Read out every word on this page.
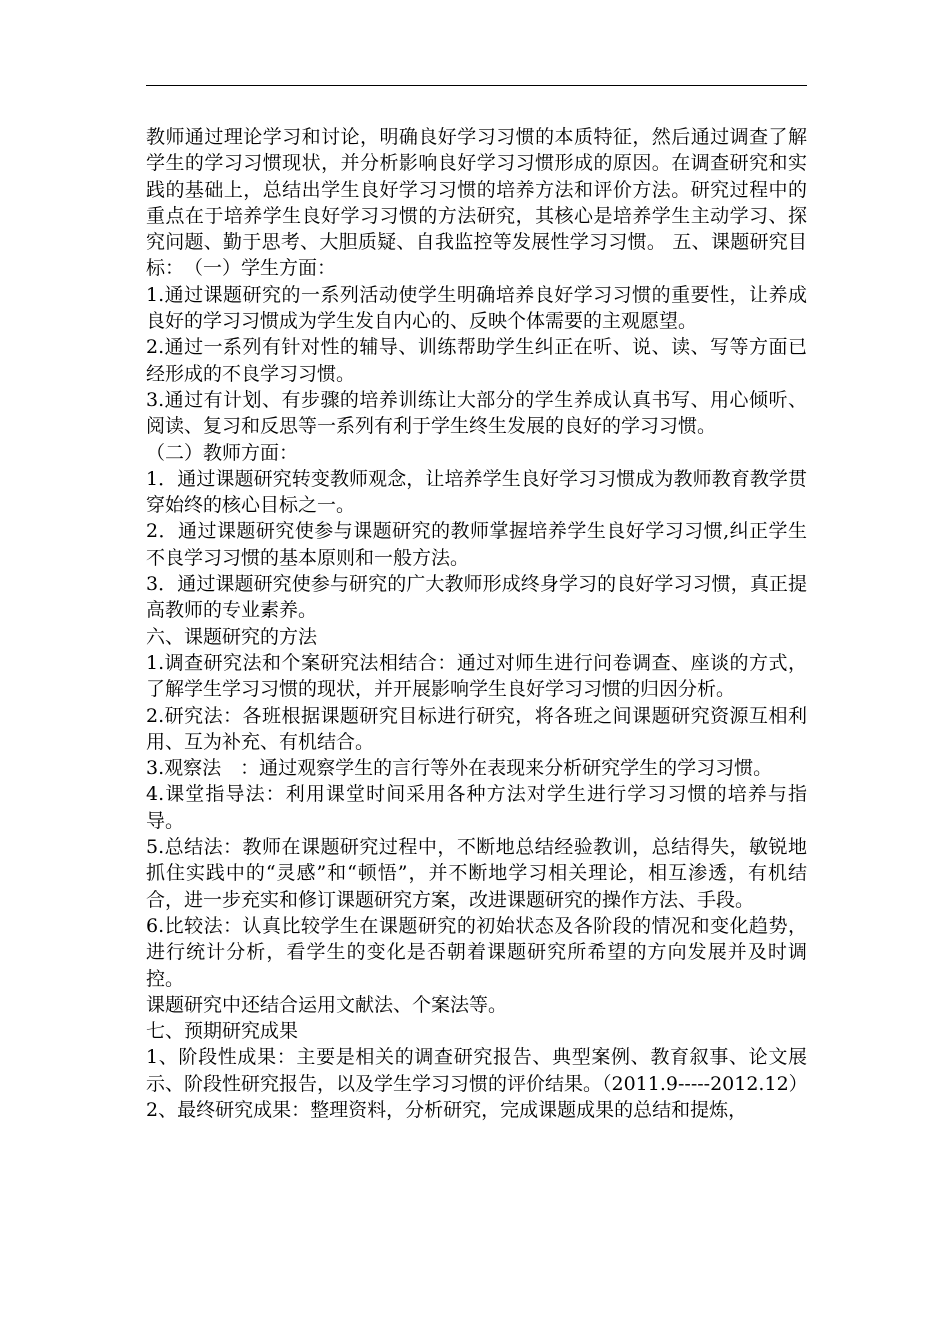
教师通过理论学习和讨论，明确良好学习习惯的本质特征，然后通过调查了解学生的学习习惯现状，并分析影响良好学习习惯形成的原因。在调查研究和实践的基础上，总结出学生良好学习习惯的培养方法和评价方法。研究过程中的重点在于培养学生良好学习习惯的方法研究，其核心是培养学生主动学习、探究问题、勤于思考、大胆质疑、自我监控等发展性学习习惯。 五、课题研究目标：　（一）学生方面：

1.通过课题研究的一系列活动使学生明确培养良好学习习惯的重要性，让养成良好的学习习惯成为学生发自内心的、反映个体需要的主观愿望。

2.通过一系列有针对性的辅导、训练帮助学生纠正在听、说、读、写等方面已经形成的不良学习习惯。

3.通过有计划、有步骤的培养训练让大部分的学生养成认真书写、用心倾听、阅读、复习和反思等一系列有利于学生终生发展的良好的学习习惯。

（二）教师方面：

1．通过课题研究转变教师观念，让培养学生良好学习习惯成为教师教育教学贯穿始终的核心目标之一。

2．通过课题研究使参与课题研究的教师掌握培养学生良好学习习惯,纠正学生不良学习习惯的基本原则和一般方法。

3．通过课题研究使参与研究的广大教师形成终身学习的良好学习习惯，真正提高教师的专业素养。

六、课题研究的方法

1.调查研究法和个案研究法相结合：通过对师生进行问卷调查、座谈的方式，了解学生学习习惯的现状，并开展影响学生良好学习习惯的归因分析。

2.研究法：各班根据课题研究目标进行研究，将各班之间课题研究资源互相利用、互为补充、有机结合。

3.观察法　：通过观察学生的言行等外在表现来分析研究学生的学习习惯。

4.课堂指导法：利用课堂时间采用各种方法对学生进行学习习惯的培养与指导。

5.总结法：教师在课题研究过程中，不断地总结经验教训，总结得失，敏锐地抓住实践中的“灵感”和“顿悟”，并不断地学习相关理论，相互渗透，有机结合，进一步充实和修订课题研究方案，改进课题研究的操作方法、手段。

6.比较法：认真比较学生在课题研究的初始状态及各阶段的情况和变化趋势，进行统计分析，看学生的变化是否朝着课题研究所希望的方向发展并及时调控。

课题研究中还结合运用文献法、个案法等。

七、预期研究成果

1、阶段性成果：主要是相关的调查研究报告、典型案例、教育叙事、论文展示、阶段性研究报告，以及学生学习习惯的评价结果。（2011.9-----2012.12）

2、最终研究成果：整理资料，分析研究，完成课题成果的总结和提炼，
